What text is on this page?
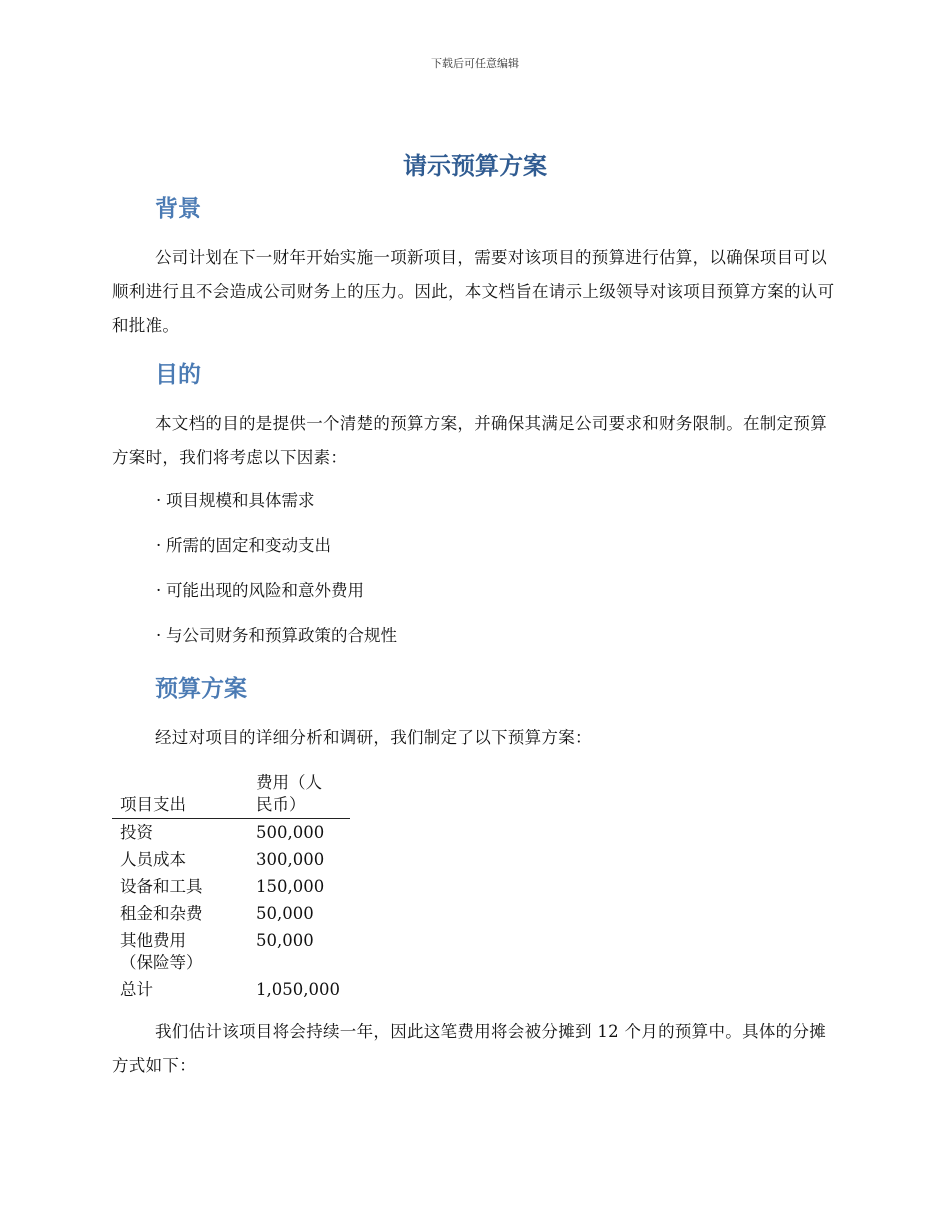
下载后可任意编辑
请示预算方案
背景

公司计划在下一财年开始实施一项新项目，需要对该项目的预算进行估算，以确保项目可以顺利进行且不会造成公司财务上的压力。因此，本文档旨在请示上级领导对该项目预算方案的认可和批准。

目的

本文档的目的是提供一个清楚的预算方案，并确保其满足公司要求和财务限制。在制定预算方案时，我们将考虑以下因素：

· 项目规模和具体需求
· 所需的固定和变动支出
· 可能出现的风险和意外费用
· 与公司财务和预算政策的合规性
预算方案

经过对项目的详细分析和调研，我们制定了以下预算方案：

项目支出	费用（人民币）

投资	500,000

人员成本	300,000

设备和工具	150,000

租金和杂费	50,000

其他费用（保险等）	50,000

总计	1,050,000

我们估计该项目将会持续一年，因此这笔费用将会被分摊到 12 个月的预算中。具体的分摊方式如下：
